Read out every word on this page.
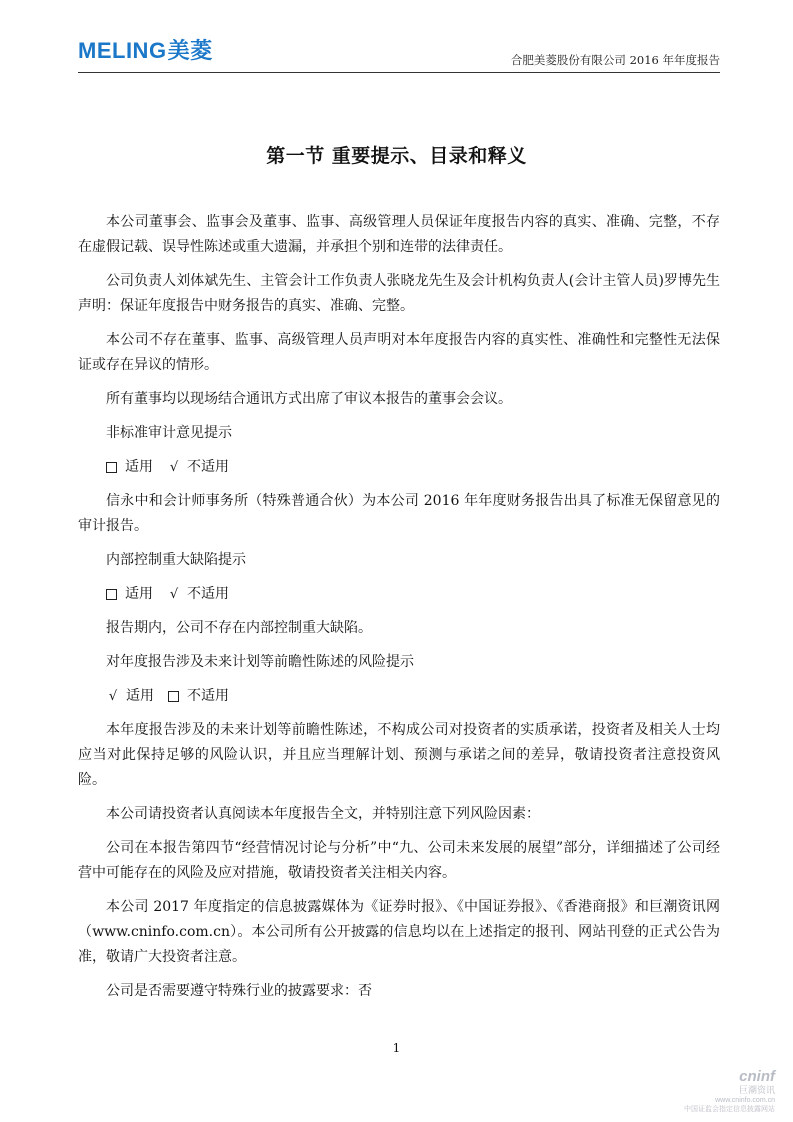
MELING美菱	合肥美菱股份有限公司 2016 年年度报告
第一节 重要提示、目录和释义

本公司董事会、监事会及董事、监事、高级管理人员保证年度报告内容的真实、准确、完整，不存在虚假记载、误导性陈述或重大遗漏，并承担个别和连带的法律责任。

公司负责人刘体斌先生、主管会计工作负责人张晓龙先生及会计机构负责人(会计主管人员)罗博先生声明：保证年度报告中财务报告的真实、准确、完整。

本公司不存在董事、监事、高级管理人员声明对本年度报告内容的真实性、准确性和完整性无法保证或存在异议的情形。

所有董事均以现场结合通讯方式出席了审议本报告的董事会会议。

非标准审计意见提示

适用 √ 不适用

信永中和会计师事务所（特殊普通合伙）为本公司 2016 年年度财务报告出具了标准无保留意见的审计报告。

内部控制重大缺陷提示

适用 √ 不适用

报告期内，公司不存在内部控制重大缺陷。

对年度报告涉及未来计划等前瞻性陈述的风险提示

√ 适用 不适用

本年度报告涉及的未来计划等前瞻性陈述，不构成公司对投资者的实质承诺，投资者及相关人士均应当对此保持足够的风险认识，并且应当理解计划、预测与承诺之间的差异，敬请投资者注意投资风险。

本公司请投资者认真阅读本年度报告全文，并特别注意下列风险因素：

公司在本报告第四节“经营情况讨论与分析”中“九、公司未来发展的展望”部分，详细描述了公司经营中可能存在的风险及应对措施，敬请投资者关注相关内容。

本公司 2017 年度指定的信息披露媒体为《证券时报》、《中国证券报》、《香港商报》和巨潮资讯网（www.cninfo.com.cn）。本公司所有公开披露的信息均以在上述指定的报刊、网站刊登的正式公告为准，敬请广大投资者注意。

公司是否需要遵守特殊行业的披露要求：否

1
cninf
巨潮资讯
www.cninfo.com.cn
中国证监会指定信息披露网站
